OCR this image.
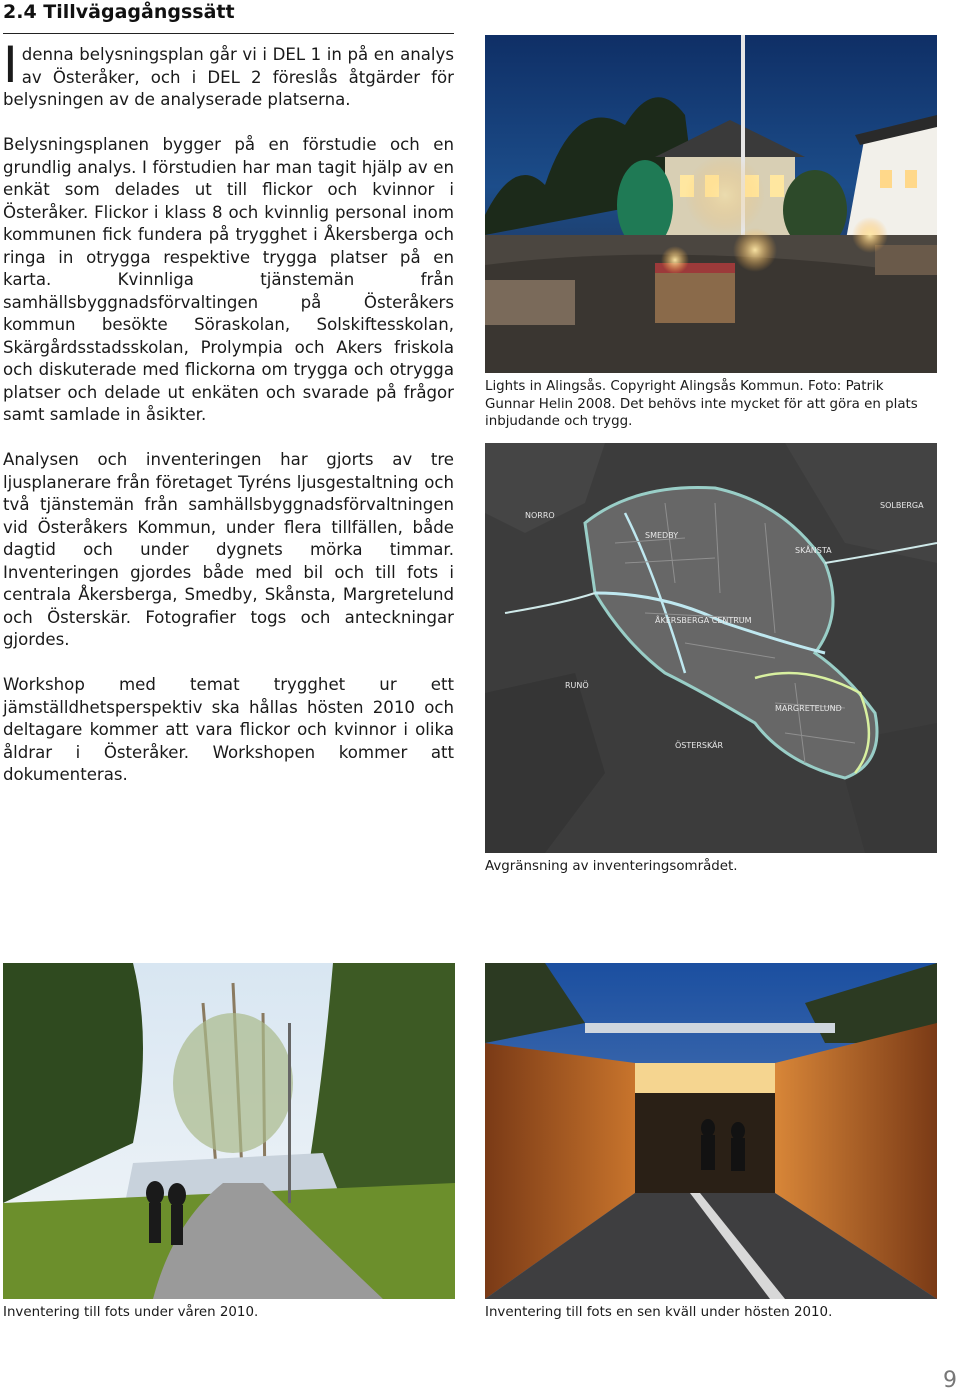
2.4 Tillvägagångssätt

Idenna belysningsplan går vi i DEL 1 in på en analys av Österåker, och i DEL 2 föreslås åtgärder för belysningen av de analyserade platserna.

Belysningsplanen bygger på en förstudie och en grundlig analys. I förstudien har man tagit hjälp av en enkät som delades ut till flickor och kvinnor i Österåker. Flickor i klass 8 och kvinnlig personal inom kommunen fick fundera på trygghet i Åkersberga och ringa in otrygga respektive trygga platser på en karta. Kvinnliga tjänstemän från samhällsbyggnadsförvaltingen på Österåkers kommun besökte Söraskolan, Solskiftesskolan, Skärgårdsstadsskolan, Prolympia och Akers friskola och diskuterade med flickorna om trygga och otrygga platser och delade ut enkäten och svarade på frågor samt samlade in åsikter.

Analysen och inventeringen har gjorts av tre ljusplanerare från företaget Tyréns ljusgestaltning och två tjänstemän från samhällsbyggnadsförvaltningen vid Österåkers Kommun, under flera tillfällen, både dagtid och under dygnets mörka timmar. Inventeringen gjordes både med bil och till fots i centrala Åkersberga, Smedby, Skånsta, Margretelund och Österskär. Fotografier togs och anteckningar gjordes.

Workshop med temat trygghet ur ett jämställdhetsperspektiv ska hållas hösten 2010 och deltagare kommer att vara flickor och kvinnor i olika åldrar i Österåker. Workshopen kommer att dokumenteras.

Lights in Alingsås. Copyright Alingsås Kommun. Foto: Patrik Gunnar Helin 2008. Det behövs inte mycket för att göra en plats inbjudande och trygg.
SMEDBY
NORRO
ÅKERSBERGA CENTRUM
SKÅNSTA
MARGRETELUND
ÖSTERSKÄR
RUNÖ
SOLBERGA
Avgränsning av inventeringsområdet.
Inventering till fots under våren 2010.	Inventering till fots en sen kväll under hösten 2010.
9
